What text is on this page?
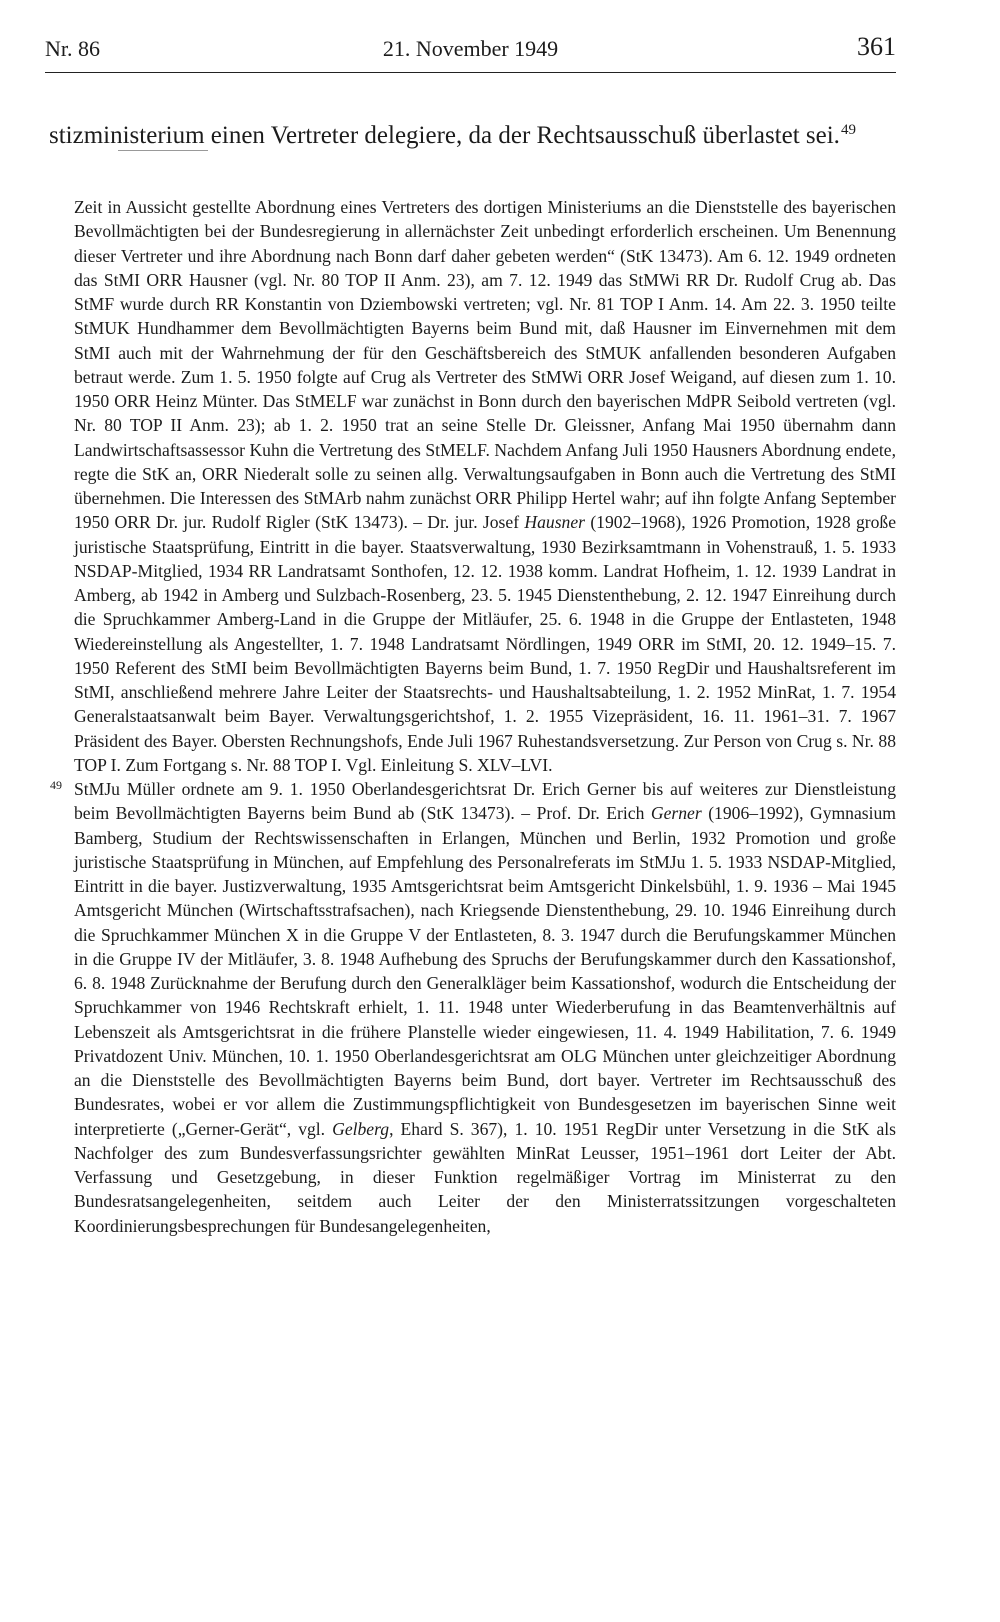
Nr. 86	21. November 1949	361

stizministerium einen Vertreter delegiere, da der Rechtsausschuß überlastet sei.$^{49}$

Zeit in Aussicht gestellte Abordnung eines Vertreters des dortigen Ministeriums an die Dienststelle des bayerischen Bevollmächtigten bei der Bundesregierung in allernächster Zeit unbedingt erforderlich erscheinen. Um Benennung dieser Vertreter und ihre Abordnung nach Bonn darf daher gebeten werden“ (StK 13473). Am 6. 12. 1949 ordneten das StMI ORR Hausner (vgl. Nr. 80 TOP II Anm. 23), am 7. 12. 1949 das StMWi RR Dr. Rudolf Crug ab. Das StMF wurde durch RR Konstantin von Dziembowski vertreten; vgl. Nr. 81 TOP I Anm. 14. Am 22. 3. 1950 teilte StMUK Hundhammer dem Bevollmächtigten Bayerns beim Bund mit, daß Hausner im Einvernehmen mit dem StMI auch mit der Wahrnehmung der für den Geschäftsbereich des StMUK anfallenden besonderen Aufgaben betraut werde. Zum 1. 5. 1950 folgte auf Crug als Vertreter des StMWi ORR Josef Weigand, auf diesen zum 1. 10. 1950 ORR Heinz Münter. Das StMELF war zunächst in Bonn durch den bayerischen MdPR Seibold vertreten (vgl. Nr. 80 TOP II Anm. 23); ab 1. 2. 1950 trat an seine Stelle Dr. Gleissner, Anfang Mai 1950 übernahm dann Landwirtschaftsassessor Kuhn die Vertretung des StMELF. Nachdem Anfang Juli 1950 Hausners Abordnung endete, regte die StK an, ORR Niederalt solle zu seinen allg. Verwaltungsaufgaben in Bonn auch die Vertretung des StMI übernehmen. Die Interessen des StMArb nahm zunächst ORR Philipp Hertel wahr; auf ihn folgte Anfang September 1950 ORR Dr. jur. Rudolf Rigler (StK 13473). – Dr. jur. Josef Hausner (1902–1968), 1926 Promotion, 1928 große juristische Staatsprüfung, Eintritt in die bayer. Staatsverwaltung, 1930 Bezirksamtmann in Vohenstrauß, 1. 5. 1933 NSDAP-Mitglied, 1934 RR Landratsamt Sonthofen, 12. 12. 1938 komm. Landrat Hofheim, 1. 12. 1939 Landrat in Amberg, ab 1942 in Amberg und Sulzbach-Rosenberg, 23. 5. 1945 Dienstenthebung, 2. 12. 1947 Einreihung durch die Spruchkammer Amberg-Land in die Gruppe der Mitläufer, 25. 6. 1948 in die Gruppe der Entlasteten, 1948 Wiedereinstellung als Angestellter, 1. 7. 1948 Landratsamt Nördlingen, 1949 ORR im StMI, 20. 12. 1949–15. 7. 1950 Referent des StMI beim Bevollmächtigten Bayerns beim Bund, 1. 7. 1950 RegDir und Haushaltsreferent im StMI, anschließend mehrere Jahre Leiter der Staatsrechts- und Haushaltsabteilung, 1. 2. 1952 MinRat, 1. 7. 1954 Generalstaatsanwalt beim Bayer. Verwaltungsgerichtshof, 1. 2. 1955 Vizepräsident, 16. 11. 1961–31. 7. 1967 Präsident des Bayer. Obersten Rechnungshofs, Ende Juli 1967 Ruhestandsversetzung. Zur Person von Crug s. Nr. 88 TOP I. Zum Fortgang s. Nr. 88 TOP I. Vgl. Einleitung S. XLV–LVI.

49 StMJu Müller ordnete am 9. 1. 1950 Oberlandesgerichtsrat Dr. Erich Gerner bis auf weiteres zur Dienstleistung beim Bevollmächtigten Bayerns beim Bund ab (StK 13473). – Prof. Dr. Erich Gerner (1906–1992), Gymnasium Bamberg, Studium der Rechtswissenschaften in Erlangen, München und Berlin, 1932 Promotion und große juristische Staatsprüfung in München, auf Empfehlung des Personalreferats im StMJu 1. 5. 1933 NSDAP-Mitglied, Eintritt in die bayer. Justizverwaltung, 1935 Amtsgerichtsrat beim Amtsgericht Dinkelsbühl, 1. 9. 1936 – Mai 1945 Amtsgericht München (Wirtschaftsstrafsachen), nach Kriegsende Dienstenthebung, 29. 10. 1946 Einreihung durch die Spruchkammer München X in die Gruppe V der Entlasteten, 8. 3. 1947 durch die Berufungskammer München in die Gruppe IV der Mitläufer, 3. 8. 1948 Aufhebung des Spruchs der Berufungskammer durch den Kassationshof, 6. 8. 1948 Zurücknahme der Berufung durch den Generalkläger beim Kassationshof, wodurch die Entscheidung der Spruchkammer von 1946 Rechtskraft erhielt, 1. 11. 1948 unter Wiederberufung in das Beamtenverhältnis auf Lebenszeit als Amtsgerichtsrat in die frühere Planstelle wieder eingewiesen, 11. 4. 1949 Habilitation, 7. 6. 1949 Privatdozent Univ. München, 10. 1. 1950 Oberlandesgerichtsrat am OLG München unter gleichzeitiger Abordnung an die Dienststelle des Bevollmächtigten Bayerns beim Bund, dort bayer. Vertreter im Rechtsausschuß des Bundesrates, wobei er vor allem die Zustimmungspflichtigkeit von Bundesgesetzen im bayerischen Sinne weit interpretierte („Gerner-Gerät“, vgl. Gelberg, Ehard S. 367), 1. 10. 1951 RegDir unter Versetzung in die StK als Nachfolger des zum Bundesverfassungsrichter gewählten MinRat Leusser, 1951–1961 dort Leiter der Abt. Verfassung und Gesetzgebung, in dieser Funktion regelmäßiger Vortrag im Ministerrat zu den Bundesratsangelegenheiten, seitdem auch Leiter der den Ministerratssitzungen vorgeschalteten Koordinierungsbesprechungen für Bundesangelegenheiten,
